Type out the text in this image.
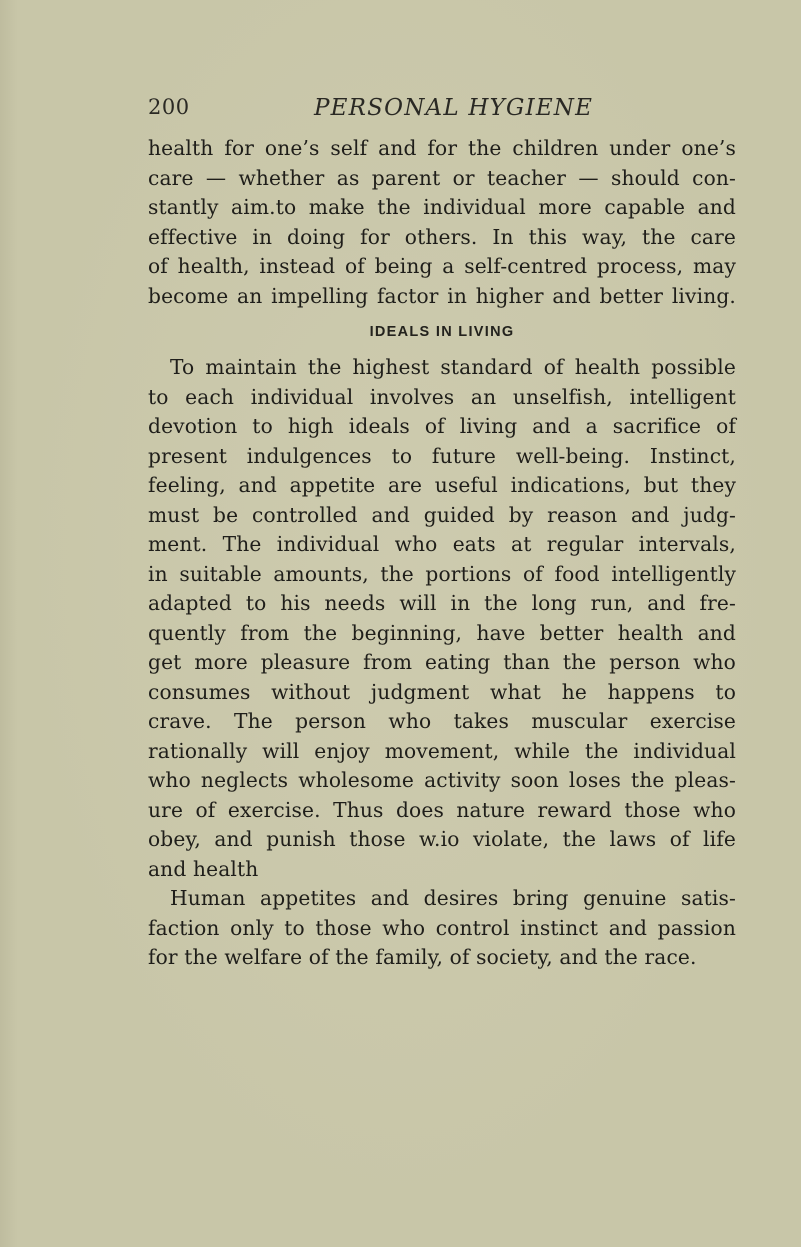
200	PERSONAL HYGIENE
health for one’s self and for the children under one’s
care — whether as parent or teacher — should con-
stantly aim.to make the individual more capable and
effective in doing for others. In this way, the care
of health, instead of being a self-centred process, may
become an impelling factor in higher and better living.
IDEALS IN LIVING
To maintain the highest standard of health possible
to each individual involves an unselfish, intelligent
devotion to high ideals of living and a sacrifice of
present indulgences to future well-being. Instinct,
feeling, and appetite are useful indications, but they
must be controlled and guided by reason and judg-
ment. The individual who eats at regular intervals,
in suitable amounts, the portions of food intelligently
adapted to his needs will in the long run, and fre-
quently from the beginning, have better health and
get more pleasure from eating than the person who
consumes without judgment what he happens to
crave. The person who takes muscular exercise
rationally will enjoy movement, while the individual
who neglects wholesome activity soon loses the pleas-
ure of exercise. Thus does nature reward those who
obey, and punish those w.io violate, the laws of life
and health
Human appetites and desires bring genuine satis-
faction only to those who control instinct and passion
for the welfare of the family, of society, and the race.
